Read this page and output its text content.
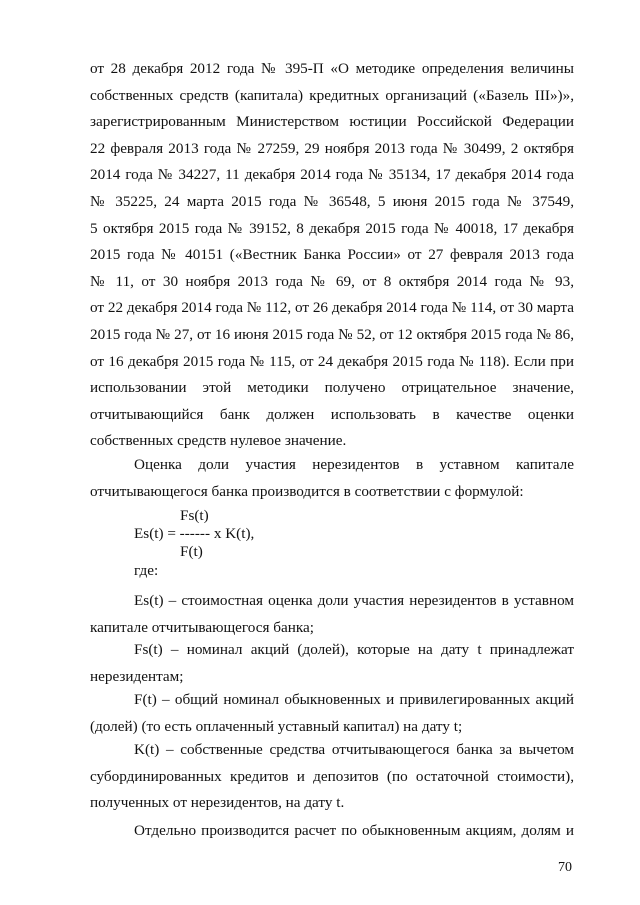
от 28 декабря 2012 года № 395-П «О методике определения величины
собственных средств (капитала) кредитных организаций («Базель III»)»,
зарегистрированным Министерством юстиции Российской Федерации
22 февраля 2013 года № 27259, 29 ноября 2013 года № 30499, 2 октября
2014 года № 34227, 11 декабря 2014 года № 35134, 17 декабря 2014 года
№ 35225, 24 марта 2015 года № 36548, 5 июня 2015 года № 37549,
5 октября 2015 года № 39152, 8 декабря 2015 года № 40018, 17 декабря
2015 года № 40151 («Вестник Банка России» от 27 февраля 2013 года
№ 11, от 30 ноября 2013 года № 69, от 8 октября 2014 года № 93,
от 22 декабря 2014 года № 112, от 26 декабря 2014 года № 114, от 30 марта
2015 года № 27, от 16 июня 2015 года № 52, от 12 октября 2015 года № 86,
от 16 декабря 2015 года № 115, от 24 декабря 2015 года № 118). Если при
использовании этой методики получено отрицательное значение,
отчитывающийся банк должен использовать в качестве оценки
собственных средств нулевое значение.
Оценка доли участия нерезидентов в уставном капитале
отчитывающегося банка производится в соответствии с формулой:
Fs(t)
Es(t) = ------ x K(t),
F(t)
где:
Es(t) – стоимостная оценка доли участия нерезидентов в уставном
капитале отчитывающегося банка;
Fs(t) – номинал акций (долей), которые на дату t принадлежат
нерезидентам;
F(t) – общий номинал обыкновенных и привилегированных акций
(долей) (то есть оплаченный уставный капитал) на дату t;
K(t) – собственные средства отчитывающегося банка за вычетом
субординированных кредитов и депозитов (по остаточной стоимости),
полученных от нерезидентов, на дату t.
Отдельно производится расчет по обыкновенным акциям, долям и
70
